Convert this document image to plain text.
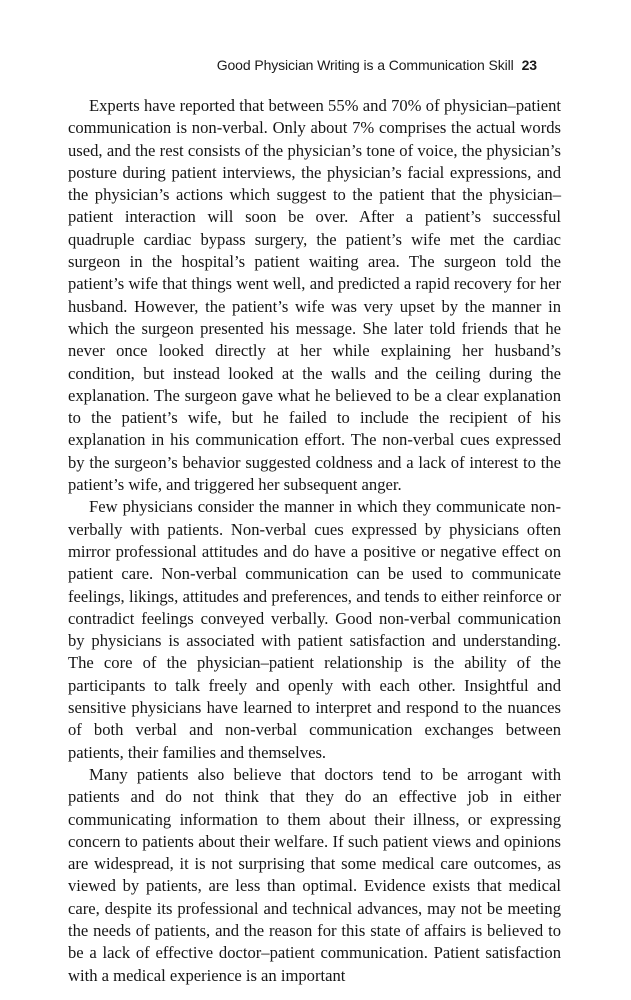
Good Physician Writing is a Communication Skill 23

Experts have reported that between 55% and 70% of physician–patient communication is non-verbal. Only about 7% comprises the actual words used, and the rest consists of the physician’s tone of voice, the physician’s posture during patient interviews, the physician’s facial expressions, and the physician’s actions which suggest to the patient that the physician–patient interaction will soon be over. After a patient’s successful quadruple cardiac bypass surgery, the patient’s wife met the cardiac surgeon in the hospital’s patient waiting area. The surgeon told the patient’s wife that things went well, and predicted a rapid recovery for her husband. However, the patient’s wife was very upset by the manner in which the surgeon presented his message. She later told friends that he never once looked directly at her while explaining her husband’s condition, but instead looked at the walls and the ceiling during the explanation. The surgeon gave what he believed to be a clear explanation to the patient’s wife, but he failed to include the recipient of his explanation in his communication effort. The non-verbal cues expressed by the surgeon’s behavior suggested coldness and a lack of interest to the patient’s wife, and triggered her subsequent anger.

Few physicians consider the manner in which they communicate non-verbally with patients. Non-verbal cues expressed by physicians often mirror professional attitudes and do have a positive or negative effect on patient care. Non-verbal communication can be used to communicate feelings, likings, attitudes and preferences, and tends to either reinforce or contradict feelings conveyed verbally. Good non-verbal communication by physicians is associated with patient satisfaction and understanding. The core of the physician–patient relationship is the ability of the participants to talk freely and openly with each other. Insightful and sensitive physicians have learned to interpret and respond to the nuances of both verbal and non-verbal communication exchanges between patients, their families and themselves.

Many patients also believe that doctors tend to be arrogant with patients and do not think that they do an effective job in either communicating information to them about their illness, or expressing concern to patients about their welfare. If such patient views and opinions are widespread, it is not surprising that some medical care outcomes, as viewed by patients, are less than optimal. Evidence exists that medical care, despite its professional and technical advances, may not be meeting the needs of patients, and the reason for this state of affairs is believed to be a lack of effective doctor–patient communication. Patient satisfaction with a medical experience is an important
